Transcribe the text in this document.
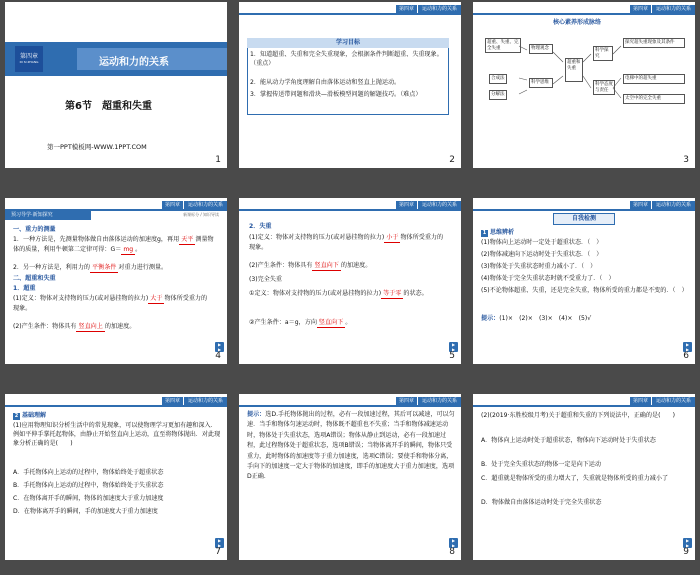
第四章
DI SI ZHANG	运动和力的关系
第6节　超重和失重
第一PPT模板网-WWW.1PPT.COM
1
第四章	运动和力的关系
学习目标
1．知道超重、失重和完全失重现象，会根据条件判断超重、失重现象。（重点）
2．能从动力学角度理解自由落体运动和竖直上抛运动。
3．掌握传送带问题和滑块—滑板模型问题的解题技巧。（难点）
2
第四章	运动和力的关系
核心素养形成脉络
超重、失重、完全失重
合成法
分解法
物理观念
科学思维
超重和失重
科学探究
科学态度与责任
探究超失重现象及其条件
电梯中的超失重
太空中的完全失重
3
第四章	运动和力的关系
预习导学·新知探究	新课标分 / 知识导读
一、重力的测量
1．一种方法是，先测量物体做自由落体运动的加速度g，再用 天平 测量物体的质量，利用牛顿第二定律可得：G＝ mg 。
2．另一种方法是，利用力的 平衡条件 对重力进行测量。
二、超重和失重
1．超重
(1)定义：物体对支持物的压力(或对悬挂物的拉力) 大于 物体所受重力的现象。
(2)产生条件：物体具有 竖直向上 的加速度。
▶
▶
4
第四章	运动和力的关系
2．失重
(1)定义：物体对支持物的压力(或对悬挂物的拉力) 小于 物体所受重力的现象。
(2)产生条件：物体具有 竖直向下 的加速度。
(3)完全失重
①定义：物体对支持物的压力(或对悬挂物的拉力) 等于零 的状态。
②产生条件：a＝g，方向 竖直向下 。
▶
▶
5
第四章	运动和力的关系
自我检测
1 思维辨析
(1)物体向上运动时一定处于超重状态．（　）
(2)物体减速向下运动时处于失重状态．（　）
(3)物体处于失重状态时重力减小了．（　）
(4)物体处于完全失重状态时就不受重力了．（　）
(5)不论物体超重、失重，还是完全失重，物体所受的重力都是不变的．（　）
提示：(1)×　(2)×　(3)×　(4)×　(5)√
▶
▶
6
第四章	运动和力的关系
2 基础理解
(1)应用物理知识分析生活中的常见现象，可以使物理学习更加有趣和深入．例如平伸手掌托起物体，由静止开始竖直向上运动，直至将物体抛出．对此现象分析正确的是(　　)
A．手托物体向上运动的过程中，物体始终处于超重状态
B．手托物体向上运动的过程中，物体始终处于失重状态
C．在物体离开手的瞬间，物体的加速度大于重力加速度
D．在物体离开手的瞬间，手的加速度大于重力加速度
▶
▶
7
第四章	运动和力的关系
提示：选D.手托物体抛出的过程，必有一段加速过程，其后可以减速，可以匀速．当手和物体匀速运动时，物体既不超重也不失重；当手和物体减速运动时，物体处于失重状态，选项A错误；物体从静止到运动，必有一段加速过程，此过程物体处于超重状态，选项B错误；当物体离开手的瞬间，物体只受重力，此时物体的加速度等于重力加速度，选项C错误；要使手和物体分离，手向下的加速度一定大于物体的加速度，即手的加速度大于重力加速度，选项D正确．
▶
▶
8
第四章	运动和力的关系
(2)(2019·东胜校级月考)关于超重和失重的下列说法中，正确的是(　　)
A．物体向上运动时处于超重状态，物体向下运动时处于失重状态
B．处于完全失重状态的物体一定是向下运动
C．超重就是物体所受的重力增大了，失重就是物体所受的重力减小了
D．物体做自由落体运动时处于完全失重状态
▶
▶
9
